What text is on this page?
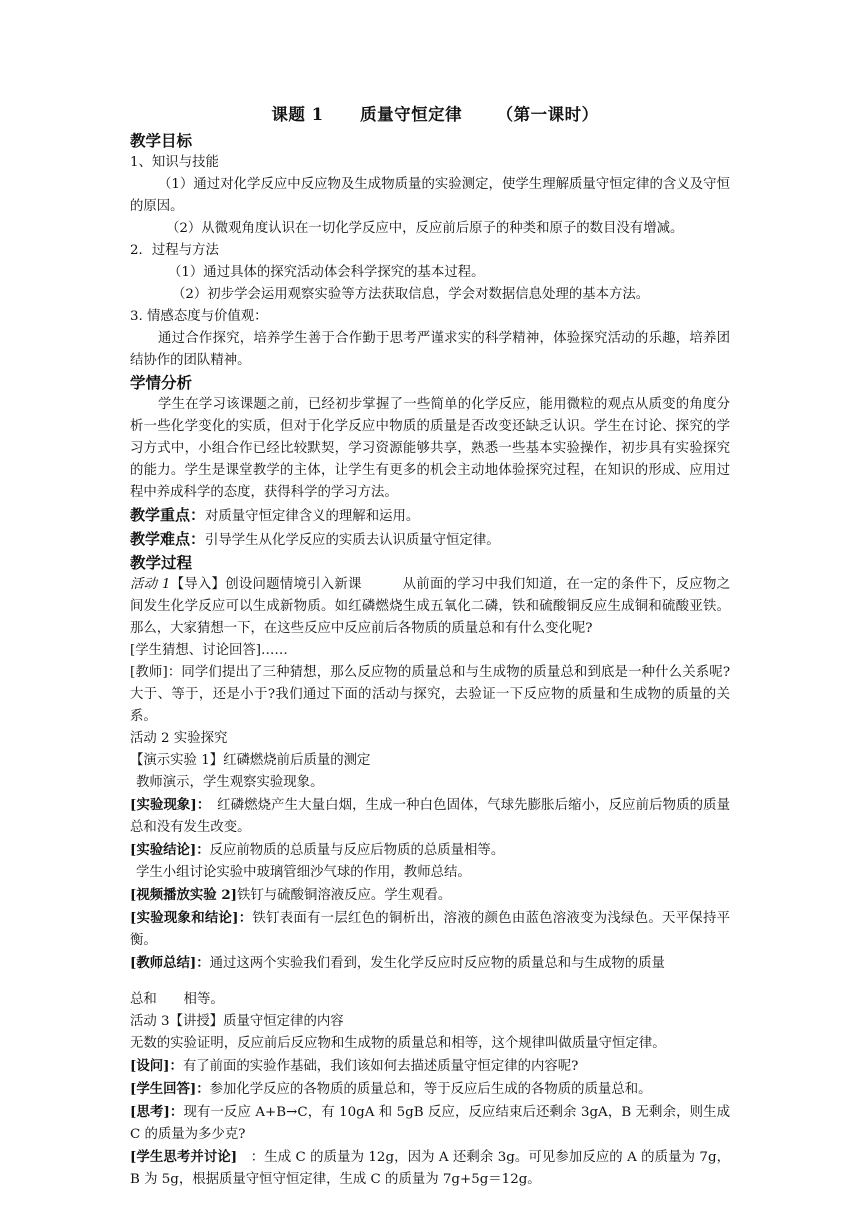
课题 1 质量守恒定律 （第一课时）
教学目标
1、知识与技能
（1）通过对化学反应中反应物及生成物质量的实验测定，使学生理解质量守恒定律的含义及守恒的原因。
（2）从微观角度认识在一切化学反应中，反应前后原子的种类和原子的数目没有增减。
2．过程与方法
（1）通过具体的探究活动体会科学探究的基本过程。
（2）初步学会运用观察实验等方法获取信息，学会对数据信息处理的基本方法。
3. 情感态度与价值观：
通过合作探究，培养学生善于合作勤于思考严谨求实的科学精神，体验探究活动的乐趣，培养团结协作的团队精神。
学情分析
学生在学习该课题之前，已经初步掌握了一些简单的化学反应，能用微粒的观点从质变的角度分析一些化学变化的实质，但对于化学反应中物质的质量是否改变还缺乏认识。学生在讨论、探究的学习方式中，小组合作已经比较默契，学习资源能够共享，熟悉一些基本实验操作，初步具有实验探究的能力。学生是课堂教学的主体，让学生有更多的机会主动地体验探究过程，在知识的形成、应用过程中养成科学的态度，获得科学的学习方法。
教学重点：对质量守恒定律含义的理解和运用。
教学难点：引导学生从化学反应的实质去认识质量守恒定律。
教学过程
活动 1【导入】创设问题情境引入新课　　　从前面的学习中我们知道，在一定的条件下，反应物之间发生化学反应可以生成新物质。如红磷燃烧生成五氧化二磷，铁和硫酸铜反应生成铜和硫酸亚铁。那么，大家猜想一下，在这些反应中反应前后各物质的质量总和有什么变化呢?
[学生猜想、讨论回答]……
[教师]：同学们提出了三种猜想，那么反应物的质量总和与生成物的质量总和到底是一种什么关系呢?大于、等于，还是小于?我们通过下面的活动与探究，去验证一下反应物的质量和生成物的质量的关系。
活动 2 实验探究
【演示实验 1】红磷燃烧前后质量的测定
教师演示，学生观察实验现象。
[实验现象]：　红磷燃烧产生大量白烟，生成一种白色固体，气球先膨胀后缩小，反应前后物质的质量总和没有发生改变。
[实验结论]：反应前物质的总质量与反应后物质的总质量相等。
学生小组讨论实验中玻璃管细沙气球的作用，教师总结。
[视频播放实验 2]铁钉与硫酸铜溶液反应。学生观看。
[实验现象和结论]：铁钉表面有一层红色的铜析出，溶液的颜色由蓝色溶液变为浅绿色。天平保持平衡。
[教师总结]：通过这两个实验我们看到，发生化学反应时反应物的质量总和与生成物的质量
总和　　相等。
活动 3【讲授】质量守恒定律的内容
无数的实验证明，反应前后反应物和生成物的质量总和相等，这个规律叫做质量守恒定律。
[设问]：有了前面的实验作基础，我们该如何去描述质量守恒定律的内容呢?
[学生回答]：参加化学反应的各物质的质量总和，等于反应后生成的各物质的质量总和。
[思考]：现有一反应 A+B→C，有 10gA 和 5gB 反应，反应结束后还剩余 3gA，B 无剩余，则生成 C 的质量为多少克?
[学生思考并讨论]　：生成 C 的质量为 12g，因为 A 还剩余 3g。可见参加反应的 A 的质量为 7g，B 为 5g，根据质量守恒守恒定律，生成 C 的质量为 7g+5g＝12g。
